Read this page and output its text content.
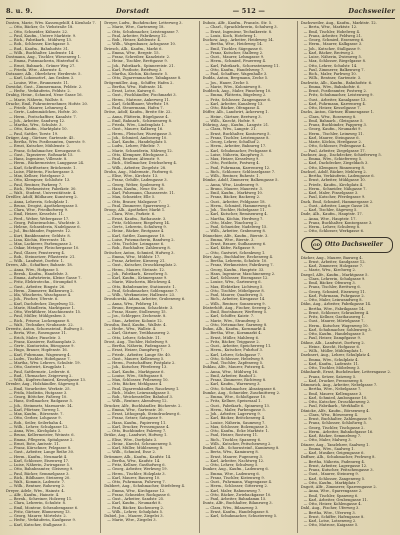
8. u. 9.	Dorstadt	— 512 —	Dachsweiler
Dosten, Marie, Wtw. Kassengehilf, 4 Kienholz 7.
— Otto, Bäcker, Gr. Viehstraße 18.
— Otto, Schneider, Kühnstr. 22.
— Paul, Kaufm., Untere Marktstr. 9.
— Rich., Fabrikarb., Mühlweg 13.
— Rob., Schlosser, Kirchgasse 5.
— Rud., Kaufm., Bahnhofstr. 31.
— Wilh., Buchhalter, Lindenstr. 14.
Dostmann, Aug., Tischler, Wiesenweg 1.
— Emma, Putzmacherin, Hinterhof 6.
— Ernst, Bahnarb., Grüner Weg 27.
— Frieda, Wtw., Ahornstr. 4.
Dotzauer, Alb., Oberlehrer, Herderstr. 5.
— Karl, Lokomotivf., Am Graben 3.
— Louise, Wtw., Brunnenstr. 11.
Dowidat, Gust., Zimmermann, Feldstr. 2.
— Hedw., Verkäuferin, Feldstr. 2.
Drabig, Heinr., Schmied, Neue Gasse 16.
— Marie, Näherin, Wallstr. 8.
Drache, Emil, Fuhrunternehmer, Hofstr. 20.
— Friedr., Maurer, Lehmweg 4.
— Gertr., Ladenmädchen, Hofstr. 20.
— Herm., Postschaffner, Kanalstr. 7.
— Joh., Arbeiter, Sandweg 12.
— Martha, Wtw., Schulstr. 3.
— Otto, Kaufm., Marktplatz 10.
— Paul, Sattler, Torstr. 19.
Dräger, Aug., Gärtner, Gartenstr. 45.
— Bertha, Wtw. Postbeamten, Querstr. 9.
— Ernst, Kutscher, Mühlenstr. 2.
— Franz, Schuhmacher, Kreuzgasse 6.
— Gust., Tapezierer, Roßmarkt 15.
— Hans, Ingenieur, Villenstr. 8.
— Herm., Bäckermeister, Langgasse 24.
— Karl, Schriftsetzer, Brückenstr. 1.
— Luise, Plätterin, Fischergasse 3.
— Max, Kellner, Hotelgasse 2.
— Otto, Klempner, Schloßstr. 13.
— Paul, Rentner, Parkweg 7.
— Rich., Werkmeister, Fabrikstr. 30.
— Walt., Student, Universitätsstr. 4.
Dreßler, Adolf, Bildhauer, Kunstweg 2.
— Anna, Lehrerin, Schulplatz 1.
— Bruno, Drogist, Apothekergasse 5.
— Clara, Wtw., Friedhofsweg 9.
— Emil, Heizer, Kesselstr. 11.
— Ferd., Weber, Webergasse 17.
— Georg, Polizeiwachtm., Wachtstr. 3.
— Helene, Schneiderin, Nadelgasse 6.
— Jul., Buchbinder, Papierstr. 12.
— Kurt, Bankbeamter, Geldstr. 8.
— Lina, Köchin, Herrenstr. 14.
— Max, Lackierer, Farbengasse 2.
— Oskar, Metzger, Fleischergasse 10.
— Paul, Glaser, Fensterweg 4.
— Rob., Steinsetzer, Pflasterstr. 21.
— Wilh., Landwirt, Dorfstr. 1.
Drews, Alb., Schaffner, Bahnstr. 18.
— Anna, Wtw., Hofgasse 5.
— Bernh., Kaufm., Handelstr. 3.
— Emma, Aufwärterin, Kleine Gasse 7.
— Fritz, Elektrotechn., Strompfad 9.
— Gust., Arbeiter, Ringstr. 26.
— Herm., Zimmerer, Balkenweg 2.
— Ida, Wäscherin, Waschgasse 4.
— Joh., Fischer, Uferstr. 6.
— Karl, Dachdecker, Ziegelweg 12.
— Marie, Händlerin, Marktgasse 1.
— Otto, Werkführer, Maschinenstr. 15.
— Paul, Müller, Mühlgraben 3.
— Rich., Friseur, Lockengasse 8.
— Walt., Techniker, Neubaustr. 22.
Drewitz, Anton, Schornsteinf., Rußweg 5.
— Berta, Wtw., Rosengasse 11.
— Erich, Maler, Pinselstr. 3.
— Franz, Kassierer, Rathausplatz 2.
— Gertr., Kontoristin, Bürogasse 9.
— Hugo, Brauer, Hopfenstr. 16.
— Karl, Fuhrmann, Wagenweg 4.
— Ludw., Tischler, Hobelgasse 7.
— Martha, Wtw. Lehrers, Schulstr. 19.
— Otto, Gastwirt, Krugplatz 1.
— Paul, Sattlermstr., Lederstr. 6.
— Rud., Uhrmacher, Zeigerweg 2.
— Wilh., Kupferschmied, Kesselgasse 13.
Drexler, Aug., Holzhändler, Sägeweg 8.
— Emil, Vorarbeiter, Werkstr. 25.
— Frida, Modistin, Hutgasse 3.
— Georg, Böttcher, Faßweg 10.
— Hans, Stellmacher, Radgasse 5.
— Joh., Steinmetz, Marmorstr. 14.
— Karl, Pförtner, Torweg 1.
— Max, Kaufm., Börsenstr. 7.
— Otto, Gerber, Lohgasse 9.
— Rob., Seiler, Seilerbahn 4.
— Wilh., Lehrer, Schulgasse 12.
— Anna, Wtw., Kirchplatz 3.
— Bruno, Kellermeister, Weinstr. 6.
— Emma, Pflegerin, Spitalgasse 2.
— Ernst, Bote, Amtsstr. 11.
— Franz, Kürschner, Pelzgasse 8.
— Gust., Arbeiter, Lange Reihe 30.
— Herm., Kaufm., Neumarkt 4.
— Karl, Schlosser, Eisenweg 17.
— Luise, Näherin, Zwirngasse 5.
— Otto, Bahnbeamter, Gleisweg 9.
— Paul, Bäcker, Semmelgasse 3.
— Rich., Bildhauer, Steinweg 20.
— Walt., Kommis, Ladenstr. 7.
— Wilh., Rentner, Ruheweg 2.
Dreyer, Adele, Wtw., Hainstr. 4.
— Alfr., Kaufm., Hainstr. 4.
— Bernh., Schreiner, Holzweg 11.
— Clara, Lehrerin, Schulstr. 8.
— Emil, Monteur, Schraubengasse 6.
— Fritz, Gärtner, Blumenweg 13.
— Georg, Maurer, Mörtelstr. 2.
— Hedw., Verkäuferin, Kaufgasse 9.
— Karl, Kutscher, Stallgasse 5.
Dreyer, Ludw., Buchdrucker, Letterweg 3.
— Marie, Wtw., Gartenweg 18.
— Otto, Schuhmacher, Leistengasse 7.
— Paul, Arbeiter, Fabrikweg 12.
— Rob., Heizer, Kohlenstr. 4.
— Wilh., Wagenbauer, Achsgasse 10.
Driesch, Alb., Kaufm., Markt 6.
— Emma, Wtw., Bergstr. 15.
— Franz, Schreiber, Kanzleistr. 2.
— Heinr., Tischler, Brettgasse 9.
— Joh., Fabrikarb., Spinnereistr. 21.
— Karl, Postbote, Briefweg 3.
— Martha, Köchin, Küchenstr. 5.
— Otto, Zigarrenmacher, Tabakgasse 8.
Drögemüller, Aug., Schiffer, Hafen 2.
— Bertha, Wtw., Hafenstr. 14.
— Ernst, Lotse, Kaiweg 6.
— Gust., Fischhändler, Fischmarkt 3.
— Herm., Matrose, Ankerweg 11.
— Karl, Schiffbauer, Werftstr. 19.
— Paul, Steuermann, Hafen 7.
Dröse, Adolf, Kaufm., Breite Str. 22.
— Anna, Plätterin, Bügelgasse 4.
— Emil, Bahnarb., Schienenweg 8.
— Frieda, Wtw., Lindenplatz 1.
— Gust., Maurer, Kalkweg 16.
— Herm., Fleischer, Wurstgasse 3.
— Joh., Schmied, Ambosweg 10.
— Karl, Kaufm., Handelsplatz 5.
— Ludw., Lehrer, Fibelstr. 7.
— Marie, Schneiderin, Nähweg 12.
— Otto, Klempner, Blechgasse 2.
— Paul, Rentner, Altenstr. 9.
— Rich., Stellmacher, Deichselweg 4.
— Wilh., Arbeiter, Ziegelstr. 28.
Drohn, Aug., Malermstr., Farbweg 6.
— Elise, Wtw., Kirchstr. 13.
— Franz, Gehilfe, Ladengasse 3.
— Georg, Weber, Spulenweg 8.
— Hans, Kaufm., Neue Str. 20.
— Karl, Fuhrmann, Chausseestr. 11.
— Max, Schneider, Elle 5.
— Otto, Brauer, Malzgasse 7.
— Paul, Zimmerer, Sparrenweg 2.
Droop, Alb., Apotheker, Markt 1.
— Clara, Wtw., Parkstr. 6.
— Ernst, Kaufm., Rathausstr. 3.
— Fritz, Schlosser, Riegelweg 14.
— Gertr., Lehrerin, Schulweg 9.
— Heinr., Bäcker, Brotgasse 4.
— Karl, Sattler, Zaumgasse 10.
— Luise, Putzmacherin, Bandweg 2.
— Otto, Tischler, Leimgasse 6.
— Rob., Buchhalter, Zahlenweg 8.
Dröscher, Anton, Schmied, Hufweg 3.
— Emma, Wtw., Mühlstr. 17.
— Franz, Arbeiter, Kiesweg 21.
— Gust., Kutscher, Droschkenplatz 2.
— Herm., Maurer, Steinstr. 12.
— Joh., Fabrikarb., Kesselweg 5.
— Karl, Kaufm., Krämergasse 9.
— Marie, Wäscherin, Bleichweg 4.
— Otto, Bahnbeamter, Stationsstr. 1.
— Paul, Schuhmacher, Sohlengasse 7.
— Wilh., Werkmeister, Hallenstr. 23.
Drosdowski, Adam, Arbeiter, Grubenweg 6.
— Anna, Wtw., Feldweg 10.
— Bruno, Bergmann, Schachtstr. 3.
— Franz, Hauer, Stollenweg 15.
— Jos., Schlepper, Zechenstr. 8.
— Stan., Arbeiter, Kolonie 12.
Drosihn, Emil, Kaufm., Wallstr. 4.
— Hedw., Wtw., Wallstr. 4.
— Karl, Gärtner, Treibhausweg 2.
— Otto, Lehrer, Schulstr. 11.
Drost, Aug., Tischler, Hobelweg 9.
— Bertha, Näherin, Fadengasse 3.
— Ernst, Heizer, Dampfweg 7.
— Friedr., Arbeiter, Lange Str. 40.
— Gust., Maurer, Kellenweg 5.
— Herm., Postschaffner, Postplatz 2.
— Joh., Kutscher, Pferdeweg 13.
— Karl, Kaufm., Marktgasse 6.
— Louise, Wtw., Stiftsgasse 8.
— Max, Schlosser, Feilenweg 10.
— Otto, Bäcker, Mehlgasse 4.
— Paul, Zigarrenhändler, Rauchweg 1.
— Rich., Maler, Leinwandgasse 5.
— Rob., Weichensteller, Bahnhof 3.
— Wilh., Rentner, Abendweg 12.
Drucker, Alfr., Buchhändler, Bücherstr. 2.
— Emma, Wtw., Gartenstr. 30.
— Ernst, Lithograph, Steindruckweg 6.
— Franz, Setzer, Satzgasse 9.
— Hans, Kaufm., Papierweg 11.
— Karl, Drucker, Pressengasse 4.
— Otto, Buchbinder, Falzweg 7.
Drüke, Aug., Landwirt, Hofweg 1.
— Elise, Wtw., Dorfplatz 3.
— Heinr., Knecht, Scheunenweg 5.
— Karl, Müller, Mühlenweg 8.
— Wilh., Schmied, Esse 2.
Drümmer, Alb., Kaufm., Kaufstr. 14.
— Bertha, Wtw., Kaufstr. 14.
— Fritz, Kellner, Gasthofweg 6.
— Georg, Arbeiter, Werkweg 19.
— Herm., Tischler, Holzplatz 3.
— Karl, Maurer, Bauweg 10.
— Otto, Fuhrmann, Fuhrweg 7.
Dubbert, Aug., Schuhmacher, Stiefelweg 4.
— Emma, Wtw., Kirchgasse 12.
— Franz, Schneider, Rockgasse 6.
— Gust., Arbeiter, Sandstr. 25.
— Karl, Kaufm., Neumarkt 8.
— Paul, Bäcker, Kuchenweg 2.
— Wilh., Lehrer, Schulplatz 5.
Dubiel, Jos., Maurer, Ziegelei 3.
— Marie, Wtw., Ziegelei 3.
Dubois, Alfr., Kaufm., Französ. Str. 5.
— Charl., Sprachlehrerin, Schulweg 3.
— Ernst, Ingenieur, Technikerstr. 8.
— Louis, Koch, Hotelweg 1.
Duchow, Aug., Arbeiter, Heideweg 14.
— Bertha, Wtw., Heideweg 14.
— Emil, Tischler, Sägegasse 6.
— Franz, Kutscher, Stallweg 2.
— Gust., Maurer, Lehmgasse 9.
— Herm., Schmied, Feuerweg 4.
— Karl, Fabrikarb., Schornsteinweg 11.
— Otto, Kaufm., Handelsweg 7.
— Paul, Schaffner, Wagenhalle 3.
Dudda, Anton, Bergmann, Zeche 5.
— Jos., Hauer, Zeche 5.
— Marie, Wtw., Kolonieweg 8.
Duddeck, Aug., Maler, Pinselweg 10.
— Emma, Plätterin, Bügelweg 2.
— Fritz, Schlosser, Zangengasse 6.
— Karl, Arbeiter, Kanalweg 13.
— Otto, Bäcker, Ofengasse 4.
Düffer, Alb., Landwirt, Ackerweg 1.
— Heinr., Gärtner, Beetweg 3.
— Wilh., Knecht, Hofstr. 9.
Dühring, Aug., Kaufm., Langstr. 21.
— Clara, Wtw., Langstr. 21.
— Ernst, Buchhalter, Kontorweg 5.
— Franz, Tischler, Leistengasse 8.
— Georg, Lehrer, Schulhof 2.
— Herm., Arbeiter, Bahnweg 17.
— Karl, Schuhmacher, Pechgasse 6.
— Luise, Näherin, Knopfweg 3.
— Max, Heizer, Kesselweg 9.
— Otto, Postbote, Postweg 4.
— Paul, Fuhrmann, Karrenweg 12.
— Rich., Schlosser, Schlüsselgasse 7.
— Wilh., Rentner, Ruhestr. 1.
Dümke, Adolf, Zimmerer, Balkengasse 5.
— Anna, Wtw., Lindenweg 9.
— Bruno, Maurer, Mauerstr. 3.
— Emil, Kaufm., Marktweg 10.
— Franz, Bäcker, Backweg 2.
— Gust., Arbeiter, Feldgasse 18.
— Herm., Schmied, Hammerweg 6.
— Joh., Tischler, Hobelgasse 11.
— Karl, Kutscher, Remisenweg 4.
— Martha, Köchin, Herdweg 7.
— Otto, Maler, Tünchweg 2.
— Paul, Schneider, Nadelweg 15.
— Wilh., Arbeiter, Grabenweg 8.
Dünnebier, Alfr., Kaufm., Bierstr. 3.
— Emma, Wtw., Bierstr. 3.
— Ernst, Brauer, Sudhausweg 6.
— Karl, Küfer, Faßgasse 9.
— Otto, Gastwirt, Schenkweg 1.
Dürr, Aug., Buchhalter, Rechenweg 4.
— Bertha, Lehrerin, Schulstr. 10.
— Franz, Werkmeister, Fabrikweg 7.
— Georg, Kaufm., Hauptstr. 33.
— Hans, Ingenieur, Maschinenweg 2.
— Karl, Schlosser, Eisengasse 12.
— Louise, Wtw., Gartenweg 6.
— Max, Elektriker, Lichtweg 5.
— Otto, Tischler, Möbelgasse 8.
— Paul, Maurer, Quaderweg 3.
— Rich., Arbeiter, Kiesgasse 14.
— Wilh., Rentner, Sonnenweg 9.
Düsterhöft, Aug., Fischer, Seeweg 2.
— Emil, Bootsbauer, Werftweg 5.
— Karl, Schiffer, Kaistr. 7.
— Marie, Wtw., Strandweg 3.
— Otto, Netzmacher, Garnweg 8.
Duhm, Alb., Kaufm., Kornmarkt 4.
— Bertha, Wtw., Kornmarkt 4.
— Ernst, Müller, Mahlweg 6.
— Fritz, Bäcker, Teiggasse 2.
— Gust., Arbeiter, Speicherweg 11.
— Herm., Kutscher, Fuhrhof 3.
— Karl, Lehrer, Schulgasse 7.
— Otto, Schlosser, Hebelweg 9.
— Paul, Tischler, Zapfenweg 5.
Duklau, Alfr., Maurer, Putzweg 4.
— Anna, Wtw., Mühlweg 16.
— Emil, Arbeiter, Bauhof 2.
— Franz, Zimmerer, Richtweg 8.
— Karl, Kaufm., Warenweg 3.
— Otto, Schuhmacher, Absatzgasse 6.
Dumke, Aug., Schneider, Zuschnittweg 2.
— Emma, Wtw., Schloßgasse 10.
— Fritz, Kellner, Speisesaal 1.
— Gust., Fabrikarb., Spinnweg 13.
— Herm., Maler, Farbengasse 5.
— Joh., Arbeiter, Lagerweg 9.
— Karl, Bäcker, Brötchenweg 4.
— Louise, Näherin, Saumweg 7.
— Max, Schlosser, Bolzengasse 3.
— Otto, Kaufm., Ecke Marktstr. 1.
— Paul, Heizer, Rostweg 11.
— Rich., Tischler, Spanweg 6.
— Wilh., Kutscher, Peitschenweg 2.
Dunkel, Alb., Schornsteinf., Kaminweg 8.
— Berta, Wtw., Kaminweg 8.
— Ernst, Maurer, Fugenweg 3.
— Karl, Arbeiter, Nachtweg 12.
— Otto, Lehrer, Schulweg 5.
Dunker, Aug., Kaufm., Ladenweg 6.
— Emma, Wtw., Ladenweg 6.
— Franz, Tischler, Kistenweg 9.
— Gust., Fuhrmann, Wagengasse 4.
— Herm., Schlosser, Gitterweg 2.
— Karl, Maler, Rahmenweg 7.
— Otto, Bäcker, Zwiebackgasse 10.
— Paul, Arbeiter, Bahndamm 15.
Duntz, Alfr., Buchhalter, Bilanzweg 3.
— Clara, Wtw., Bilanzweg 3.
— Ernst, Kaufm., Handelsgasse 8.
— Karl, Schuhmacher, Schusterweg 5.
Dachsweiler, Aug., Kaufm., Marktstr. 12.
— Berta, Wtw., Marktstr. 12.
— Emil, Tischler, Hobelweg 4.
— Franz, Arbeiter, Feldweg 21.
— Georg, Schmied, Essenweg 6.
— Herm., Maurer, Kalkgasse 3.
— Joh., Kutscher, Stallgasse 9.
— Karl, Bäcker, Brotweg 2.
— Luise, Näherin, Zwirnweg 5.
— Max, Schlosser, Riegelgasse 8.
— Otto, Lehrer, Schulstr. 14.
— Paul, Zimmerer, Balkenweg 7.
— Rich., Maler, Farbweg 10.
— Wilh., Rentner, Gartenstr. 3.
Dachwitz, Alb., Kaufm., Bahnhofstr. 6.
— Emma, Wtw., Bahnhofstr. 6.
— Ernst, Postbeamter, Postweg 2.
— Fritz, Schuhmacher, Leistenweg 9.
— Gust., Arbeiter, Kanalgasse 13.
— Karl, Fuhrmann, Karrenweg 4.
— Otto, Heizer, Kesselgasse 7.
Dachs, Anton, Gärtner, Blumengasse 1.
— Clara, Wtw., Rosenweg 8.
— Emil, Bahnarb., Gleisgasse 5.
— Franz, Buchbinder, Pappweg 3.
— Georg, Kaufm., Neumarkt 9.
— Herm., Tischler, Leimweg 11.
— Karl, Maurer, Steingasse 6.
— Marie, Köchin, Herdgasse 2.
— Otto, Schlosser, Feilengasse 4.
— Paul, Arbeiter, Ziegelgasse 17.
Dachner, Aug., Dachdecker, Schieferweg 5.
— Emma, Wtw., Schieferweg 5.
— Karl, Dachdecker, Ziegeldach 3.
— Otto, Klempner, Rinnenweg 8.
Dachsel, Adolf, Bäcker, Mehlweg 2.
— Bertha, Verkäuferin, Ladengasse 6.
— Ernst, Arbeiter, Mühlgasse 10.
— Friedr., Kaufm., Kirchplatz 4.
— Herm., Schneider, Nähgasse 7.
— Karl, Maler, Pinselgasse 3.
— Paul, Kutscher, Pferdegasse 9.
Dack, Emil, Schmied, Hammergasse 2.
— Gust., Arbeiter, Lange Gasse 28.
— Karl, Tischler, Sägeweg 5.
Dade, Alb., Kaufm., Hauptstr. 17.
— Anna, Wtw., Hauptstr. 17.
— Franz, Buchhalter, Kontorgasse 3.
— Herm., Lehrer, Schulweg 8.
— Otto, Schlosser, Werkgasse 6.
OD Otto Dachsweiler
Dächer, Aug., Maurer, Bauweg 4.
— Ernst, Arbeiter, Sandgasse 12.
— Karl, Zimmerer, Holzgasse 7.
— Marie, Wtw., Kirchweg 2.
Daegel, Alfr., Kaufm., Marktgasse 5.
— Clara, Lehrerin, Schulgasse 9.
— Emil, Bäcker, Ofenweg 3.
— Franz, Tischler, Brettweg 6.
— Georg, Schmied, Eisenweg 11.
— Karl, Fuhrmann, Fuhrgasse 2.
— Otto, Maler, Leinwandweg 8.
Dähn, Aug., Arbeiter, Fabrikgasse 14.
— Bertha, Wtw., Fabrikgasse 14.
— Ernst, Schlosser, Schraubweg 4.
— Fritz, Kellner, Gasthausweg 1.
— Gust., Maurer, Mörtelgasse 7.
— Herm., Kutscher, Wagenweg 10.
— Karl, Schuhmacher, Sohlenweg 3.
— Otto, Kaufm., Handelsgasse 5.
— Paul, Heizer, Dampfgasse 9.
Dähne, Alb., Landwirt, Dorfweg 2.
— Heinr., Knecht, Hofgasse 6.
— Wilh., Müller, Mühlenplatz 1.
Daehnert, Aug., Lehrer, Schulplatz 4.
— Emma, Wtw., Schulplatz 4.
— Karl, Kaufm., Ladenstr. 11.
— Otto, Tischler, Möbelweg 3.
Dähnhardt, Ernst, Buchdrucker, Letterngasse 2.
— Franz, Setzer, Satzweg 5.
— Karl, Drucker, Pressenweg 8.
Dämmrich, Aug., Arbeiter, Nebelgasse 7.
— Bertha, Wtw., Nebelgasse 7.
— Emil, Maurer, Kellengasse 3.
— Karl, Schmied, Ambosgasse 10.
— Otto, Kutscher, Droschkenweg 2.
— Paul, Fabrikarb., Werkhalle 6.
Dänicke, Alfr., Kaufm., Börsenweg 4.
— Clara, Wtw., Börsenweg 4.
— Ernst, Buchhalter, Zahlengasse 9.
— Franz, Schlosser, Schloßweg 5.
— Georg, Tischler, Tischgasse 2.
— Herm., Arbeiter, Bahnhofgasse 16.
— Karl, Bäcker, Semmelweg 7.
— Otto, Maler, Malweg 3.
Dänzer, Aug., Tanzlehrer, Saalweg 1.
— Emma, Wtw., Saalweg 1.
— Karl, Musiker, Geigengasse 6.
Daffner, Alb., Schuhmacher, Pechweg 8.
— Bertha, Näherin, Fadenweg 4.
— Ernst, Arbeiter, Lagergasse 12.
— Franz, Kutscher, Peitschengasse 3.
— Gust., Maurer, Steinweg 9.
— Karl, Schlosser, Zangenweg 5.
— Otto, Kaufm., Marktplatz 7.
Dagott, Alfr., Zimmerer, Sparrengasse 2.
— Anna, Wtw., Sparrengasse 2.
— Emil, Tischler, Spanweg 6.
— Karl, Arbeiter, Grubengasse 11.
— Otto, Heizer, Kohlengasse 4.
Dahl, Aug., Fischer, Uferweg 3.
— Bertha, Wtw., Uferweg 3.
— Ernst, Schiffer, Hafengasse 8.
— Karl, Lotse, Lotsenweg 2.
— Otto, Matrose, Kaigasse 5.
